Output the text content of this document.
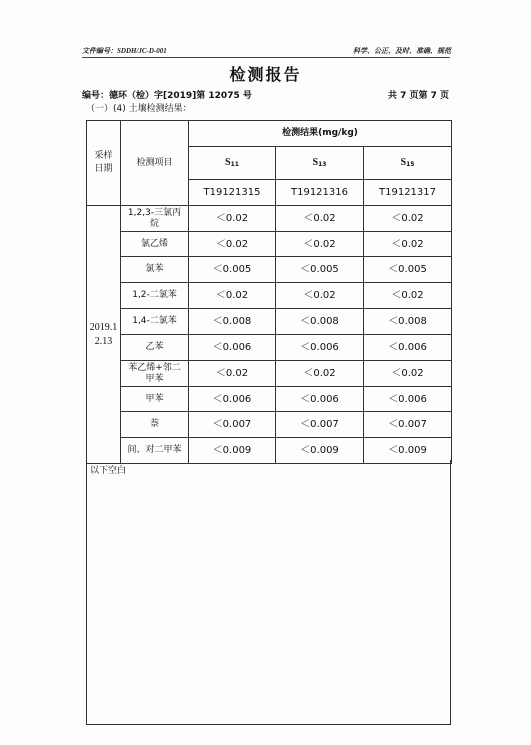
文件编号：SDDH/JC-D-001	科学、公正、及时、准确、规范
检测报告
编号：德环（检）字[2019]第 12075 号	共 7 页第 7 页
（一）(4) 土壤检测结果：
采样日期	检测项目	检测结果(mg/kg)		
		S11	S13	S15
		T19121315	T19121316	T19121317
2019.12.13	1,2,3-三氯丙烷	＜0.02	＜0.02	＜0.02
	氯乙烯	＜0.02	＜0.02	＜0.02
	氯苯	＜0.005	＜0.005	＜0.005
	1,2-二氯苯	＜0.02	＜0.02	＜0.02
	1,4-二氯苯	＜0.008	＜0.008	＜0.008
	乙苯	＜0.006	＜0.006	＜0.006
	苯乙烯+邻二甲苯	＜0.02	＜0.02	＜0.02
	甲苯	＜0.006	＜0.006	＜0.006
	萘	＜0.007	＜0.007	＜0.007
	间、对二甲苯	＜0.009	＜0.009	＜0.009
以下空白
